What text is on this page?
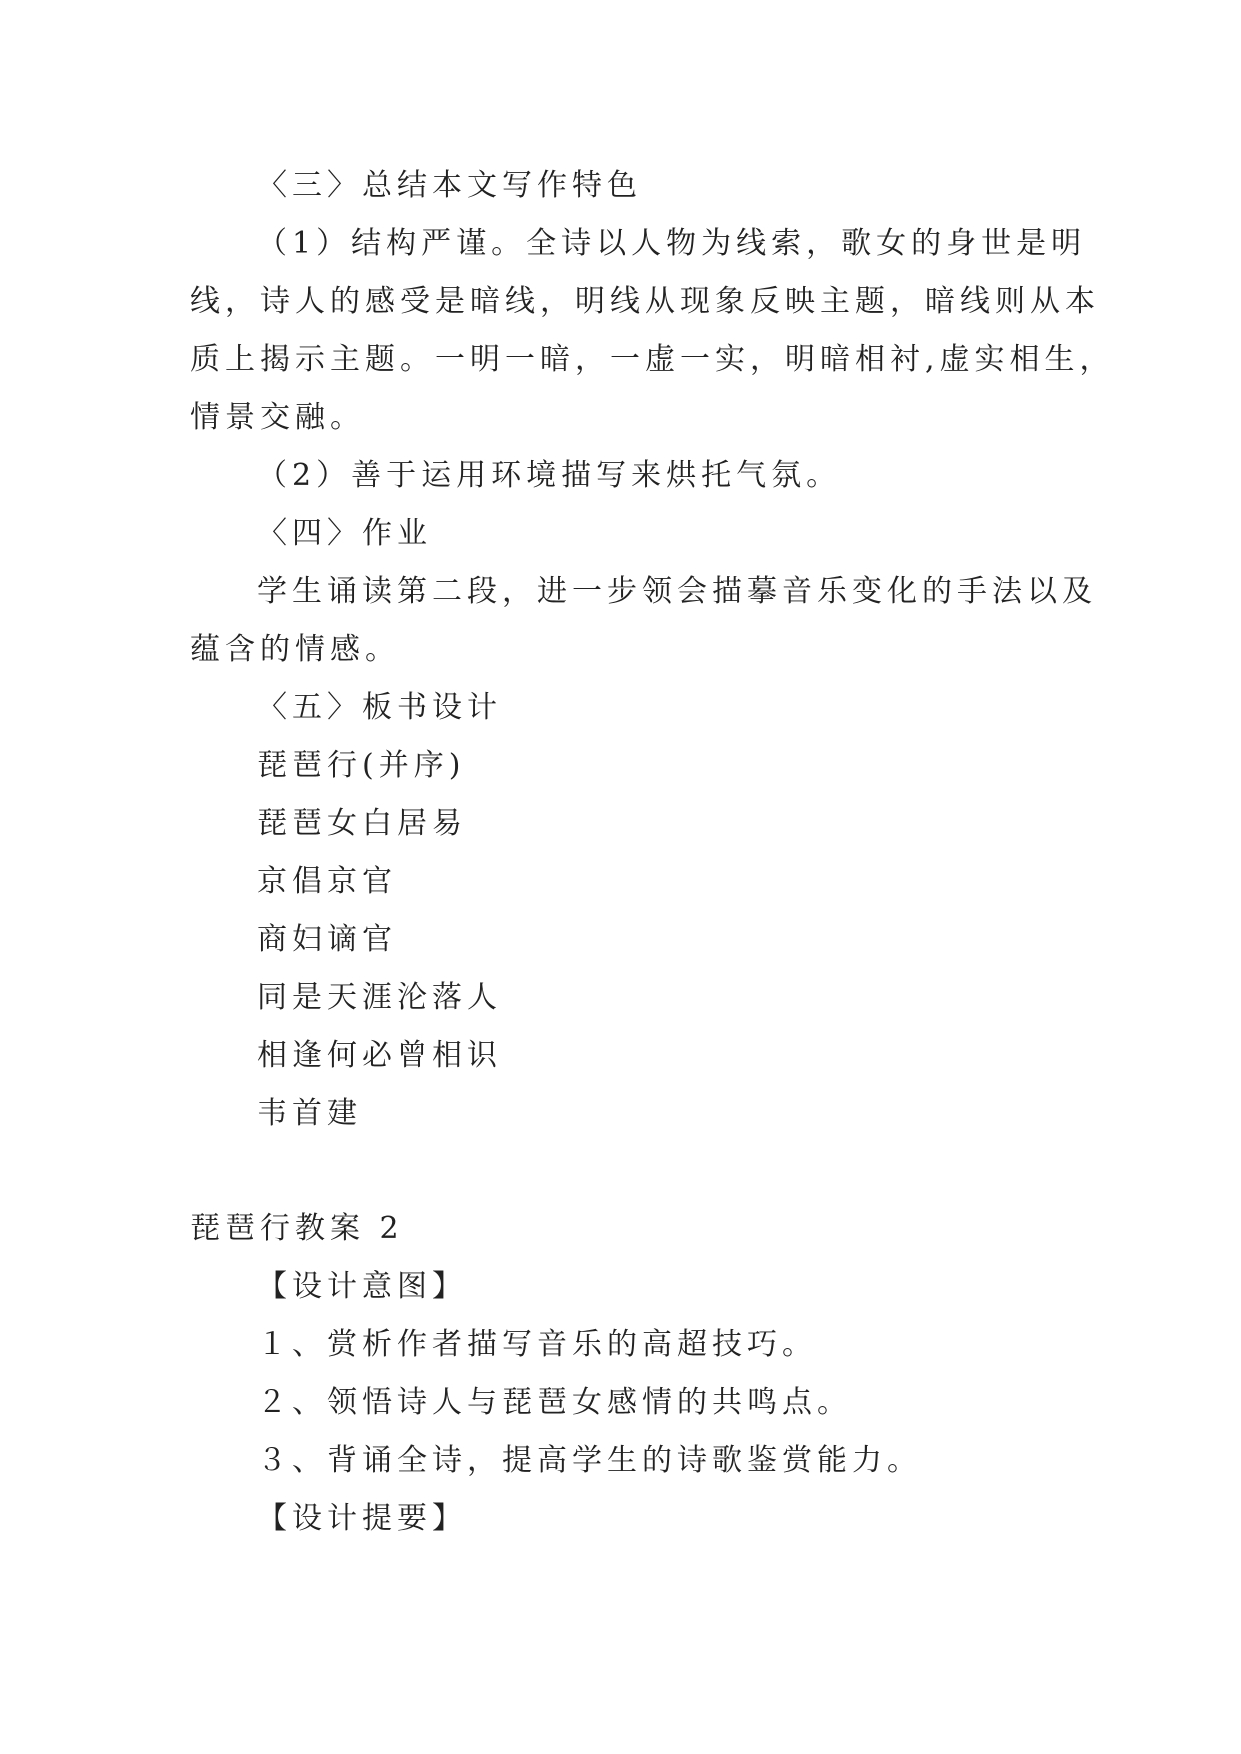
〈三〉总结本文写作特色
（1）结构严谨。全诗以人物为线索，歌女的身世是明
线，诗人的感受是暗线，明线从现象反映主题，暗线则从本
质上揭示主题。一明一暗，一虚一实，明暗相衬,虚实相生，
情景交融。
（2）善于运用环境描写来烘托气氛。
〈四〉作业
学生诵读第二段，进一步领会描摹音乐变化的手法以及
蕴含的情感。
〈五〉板书设计
琵琶行(并序)
琵琶女白居易
京倡京官
商妇谪官
同是天涯沦落人
相逢何必曾相识
韦首建
琵琶行教案 2
【设计意图】
１、赏析作者描写音乐的高超技巧。
２、领悟诗人与琵琶女感情的共鸣点。
３、背诵全诗，提高学生的诗歌鉴赏能力。
【设计提要】
